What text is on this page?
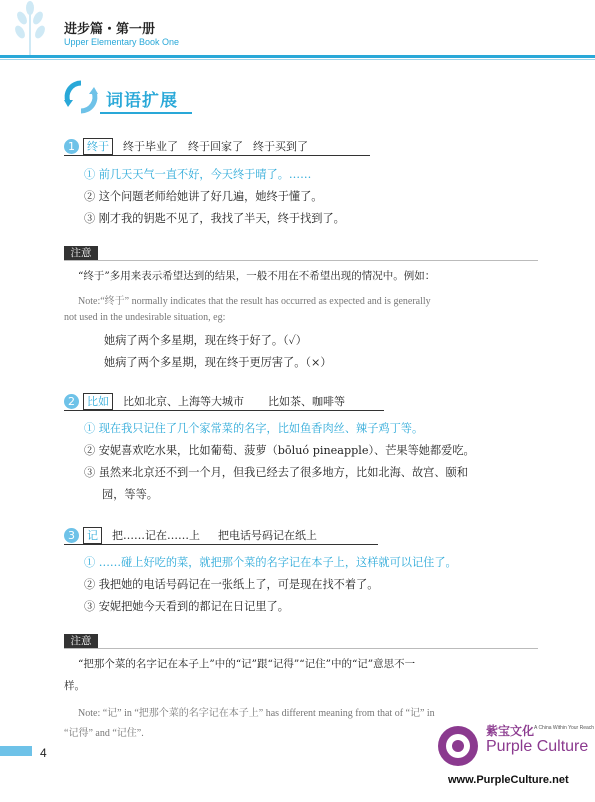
进步篇・第一册
Upper Elementary Book One
词语扩展
1	终于	终于毕业了 终于回家了 终于买到了
① 前几天天气一直不好，今天终于晴了。……
② 这个问题老师给她讲了好几遍，她终于懂了。
③ 刚才我的钥匙不见了，我找了半天，终于找到了。
注意
“终于”多用来表示希望达到的结果，一般不用在不希望出现的情况中。例如：
Note:“终于” normally indicates that the result has occurred as expected and is generally
not used in the undesirable situation, eg:
她病了两个多星期，现在终于好了。（✓）
她病了两个多星期，现在终于更厉害了。（×）
2	比如	比如北京、上海等大城市 比如茶、咖啡等
① 现在我只记住了几个家常菜的名字，比如鱼香肉丝、辣子鸡丁等。
② 安妮喜欢吃水果，比如葡萄、菠萝（bōluó pineapple）、芒果等她都爱吃。
③ 虽然来北京还不到一个月，但我已经去了很多地方，比如北海、故宫、颐和
园，等等。
3	记	把……记在……上 把电话号码记在纸上
① ……碰上好吃的菜，就把那个菜的名字记在本子上，这样就可以记住了。
② 我把她的电话号码记在一张纸上了，可是现在找不着了。
③ 安妮把她今天看到的都记在日记里了。
注意
“把那个菜的名字记在本子上”中的“记”跟“记得”“记住”中的“记”意思不一
样。
Note: “记” in “把那个菜的名字记在本子上” has different meaning from that of “记” in
“记得” and “记住”.
4
紫宝文化 A China Within Your Reach
Purple Culture
www.PurpleCulture.net
